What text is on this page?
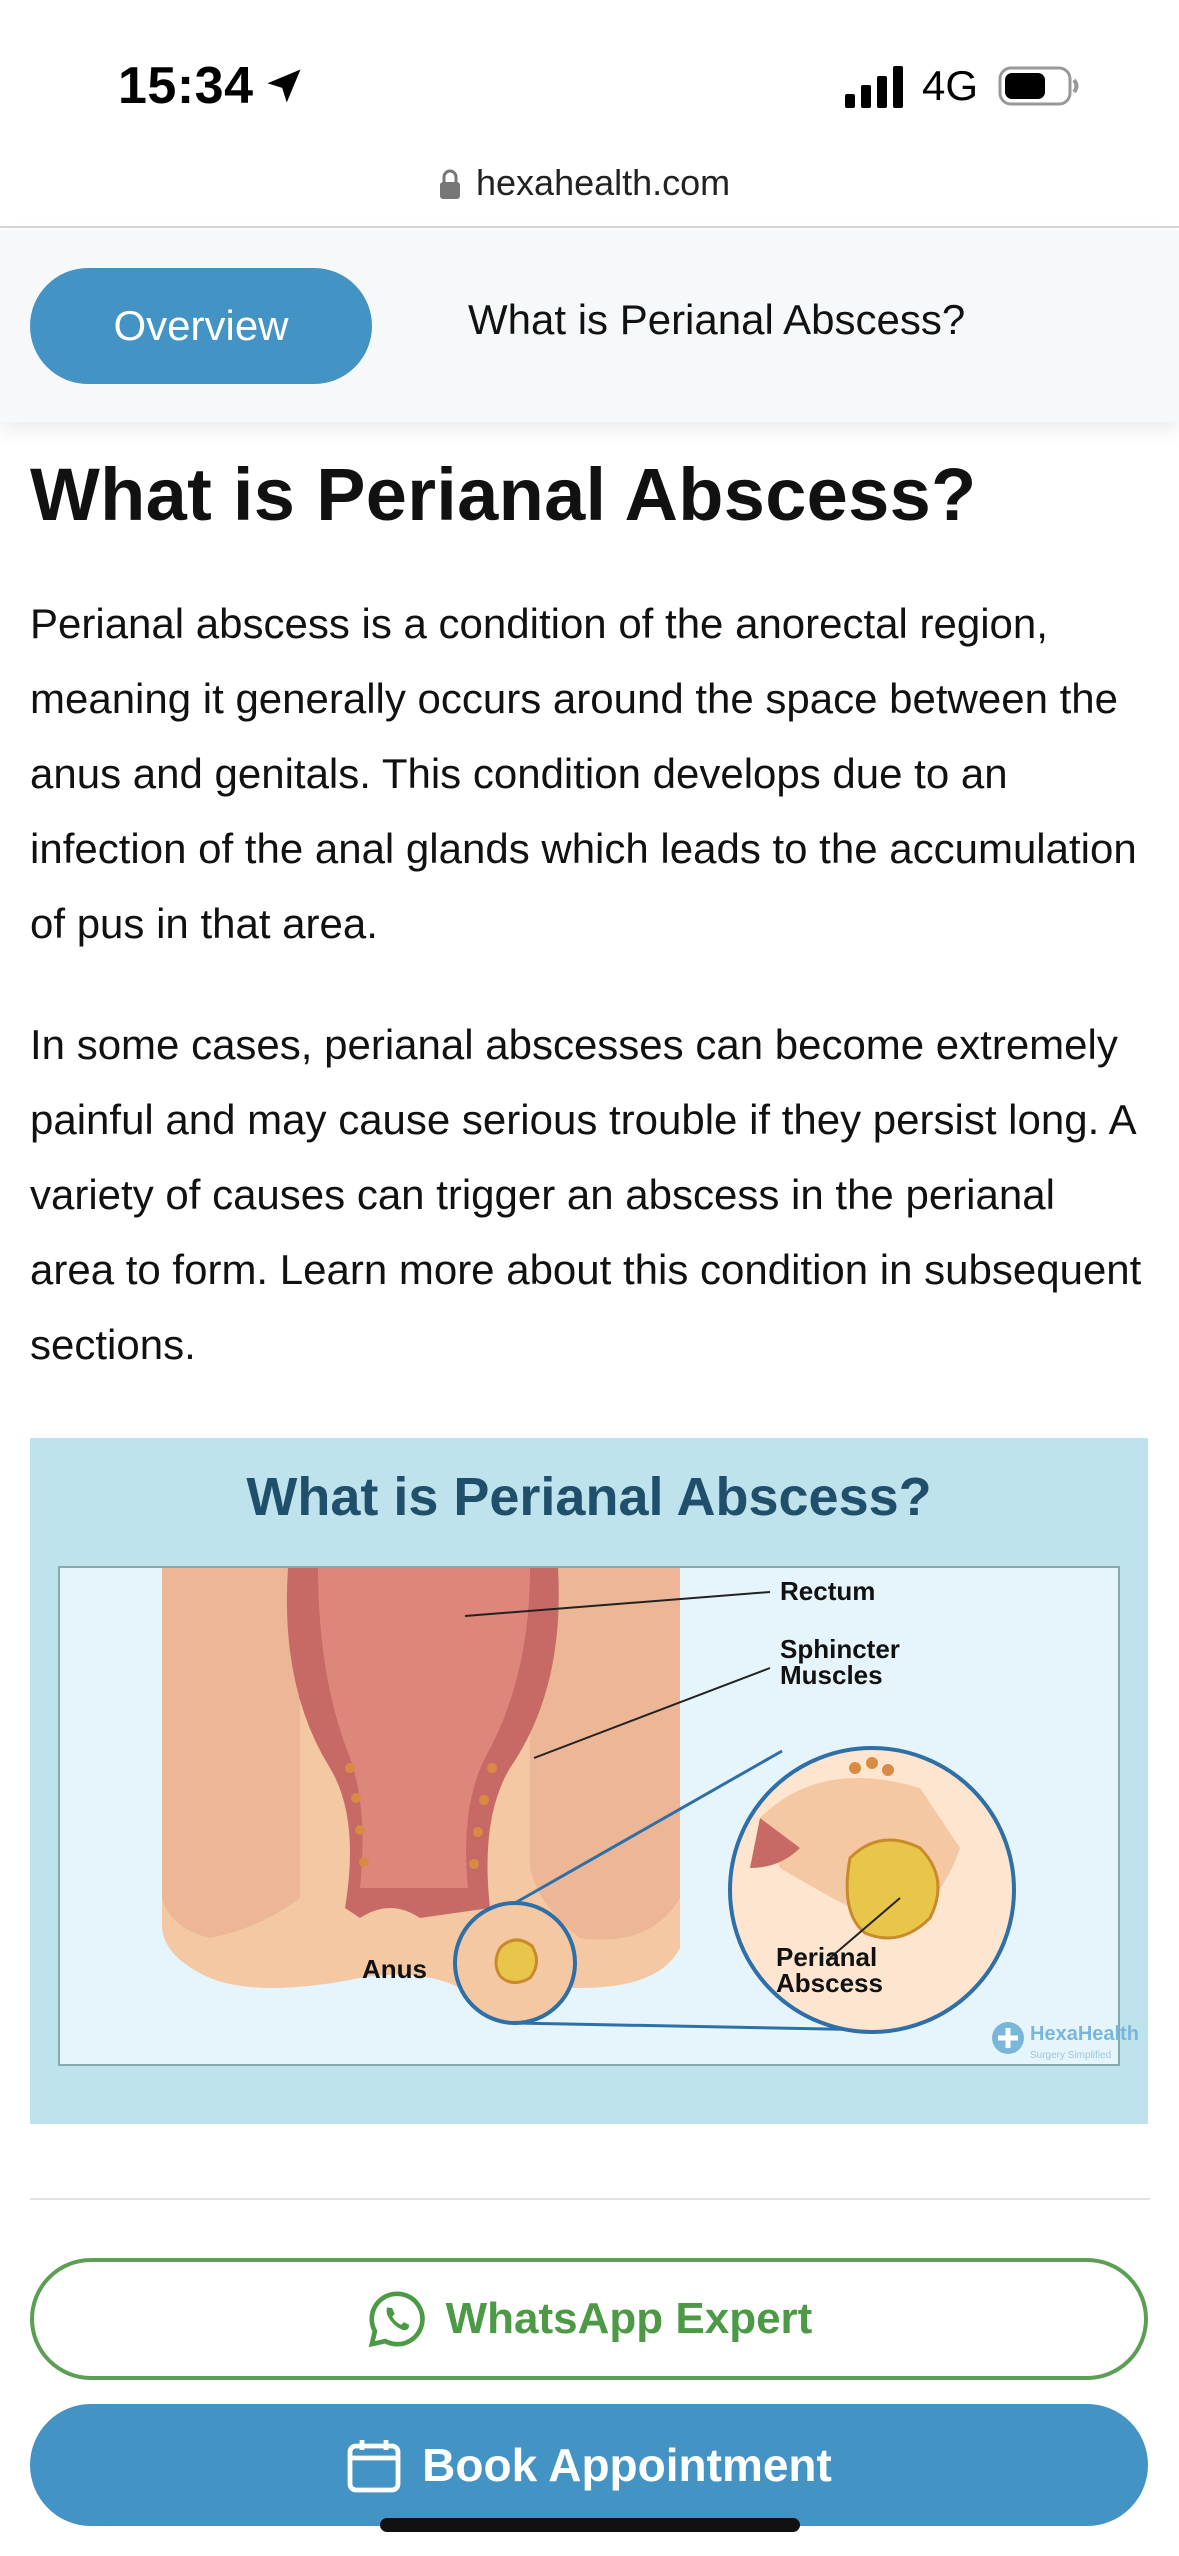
15:34	4G
hexahealth.com
Overview	What is Perianal Abscess?
What is Perianal Abscess?

Perianal abscess is a condition of the anorectal region, meaning it generally occurs around the space between the anus and genitals. This condition develops due to an infection of the anal glands which leads to the accumulation of pus in that area.

In some cases, perianal abscesses can become extremely painful and may cause serious trouble if they persist long. A variety of causes can trigger an abscess in the perianal area to form. Learn more about this condition in subsequent sections.

What is Perianal Abscess?
Rectum
Sphincter
Muscles
Anus	Perianal
Abscess
HexaHealth
Surgery Simplified
WhatsApp Expert
Book Appointment
